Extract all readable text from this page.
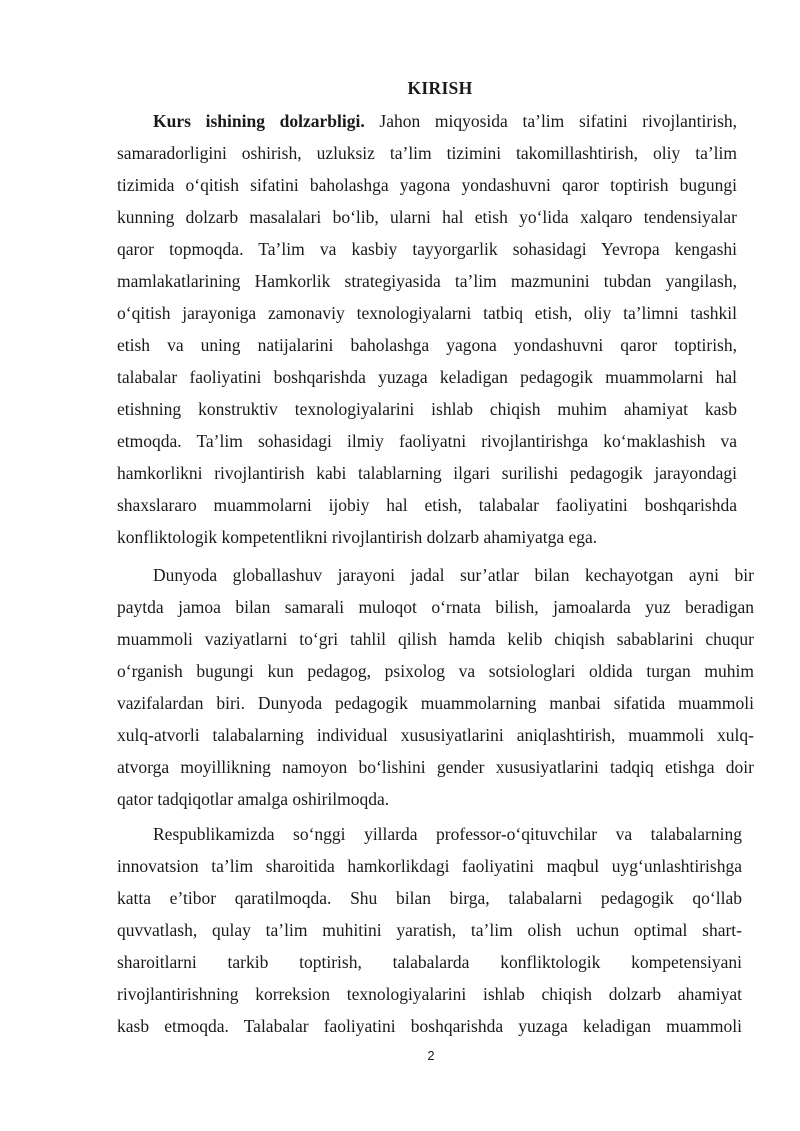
KIRISH
Kurs ishining dolzarbligi. Jahon miqyosida ta’lim sifatini rivojlantirish,
samaradorligini oshirish, uzluksiz ta’lim tizimini takomillashtirish, oliy ta’lim
tizimida o‘qitish sifatini baholashga yagona yondashuvni qaror toptirish bugungi
kunning dolzarb masalalari bo‘lib, ularni hal etish yo‘lida xalqaro tendensiyalar
qaror topmoqda. Ta’lim va kasbiy tayyorgarlik sohasidagi Yevropa kengashi
mamlakatlarining Hamkorlik strategiyasida ta’lim mazmunini tubdan yangilash,
o‘qitish jarayoniga zamonaviy texnologiyalarni tatbiq etish, oliy ta’limni tashkil
etish va uning natijalarini baholashga yagona yondashuvni qaror toptirish,
talabalar faoliyatini boshqarishda yuzaga keladigan pedagogik muammolarni hal
etishning konstruktiv texnologiyalarini ishlab chiqish muhim ahamiyat kasb
etmoqda. Ta’lim sohasidagi ilmiy faoliyatni rivojlantirishga ko‘maklashish va
hamkorlikni rivojlantirish kabi talablarning ilgari surilishi pedagogik jarayondagi
shaxslararo muammolarni ijobiy hal etish, talabalar faoliyatini boshqarishda
konfliktologik kompetentlikni rivojlantirish dolzarb ahamiyatga ega.
Dunyoda globallashuv jarayoni jadal sur’atlar bilan kechayotgan ayni bir
paytda jamoa bilan samarali muloqot o‘rnata bilish, jamoalarda yuz beradigan
muammoli vaziyatlarni to‘gri tahlil qilish hamda kelib chiqish sabablarini chuqur
o‘rganish bugungi kun pedagog, psixolog va sotsiologlari oldida turgan muhim
vazifalardan biri. Dunyoda pedagogik muammolarning manbai sifatida muammoli
xulq-atvorli talabalarning individual xususiyatlarini aniqlashtirish, muammoli xulq-
atvorga moyillikning namoyon bo‘lishini gender xususiyatlarini tadqiq etishga doir
qator tadqiqotlar amalga oshirilmoqda.
Respublikamizda so‘nggi yillarda professor-o‘qituvchilar va talabalarning
innovatsion ta’lim sharoitida hamkorlikdagi faoliyatini maqbul uyg‘unlashtirishga
katta e’tibor qaratilmoqda. Shu bilan birga, talabalarni pedagogik qo‘llab
quvvatlash, qulay ta’lim muhitini yaratish, ta’lim olish uchun optimal shart-
sharoitlarni tarkib toptirish, talabalarda konfliktologik kompetensiyani
rivojlantirishning korreksion texnologiyalarini ishlab chiqish dolzarb ahamiyat
kasb etmoqda. Talabalar faoliyatini boshqarishda yuzaga keladigan muammoli
2
